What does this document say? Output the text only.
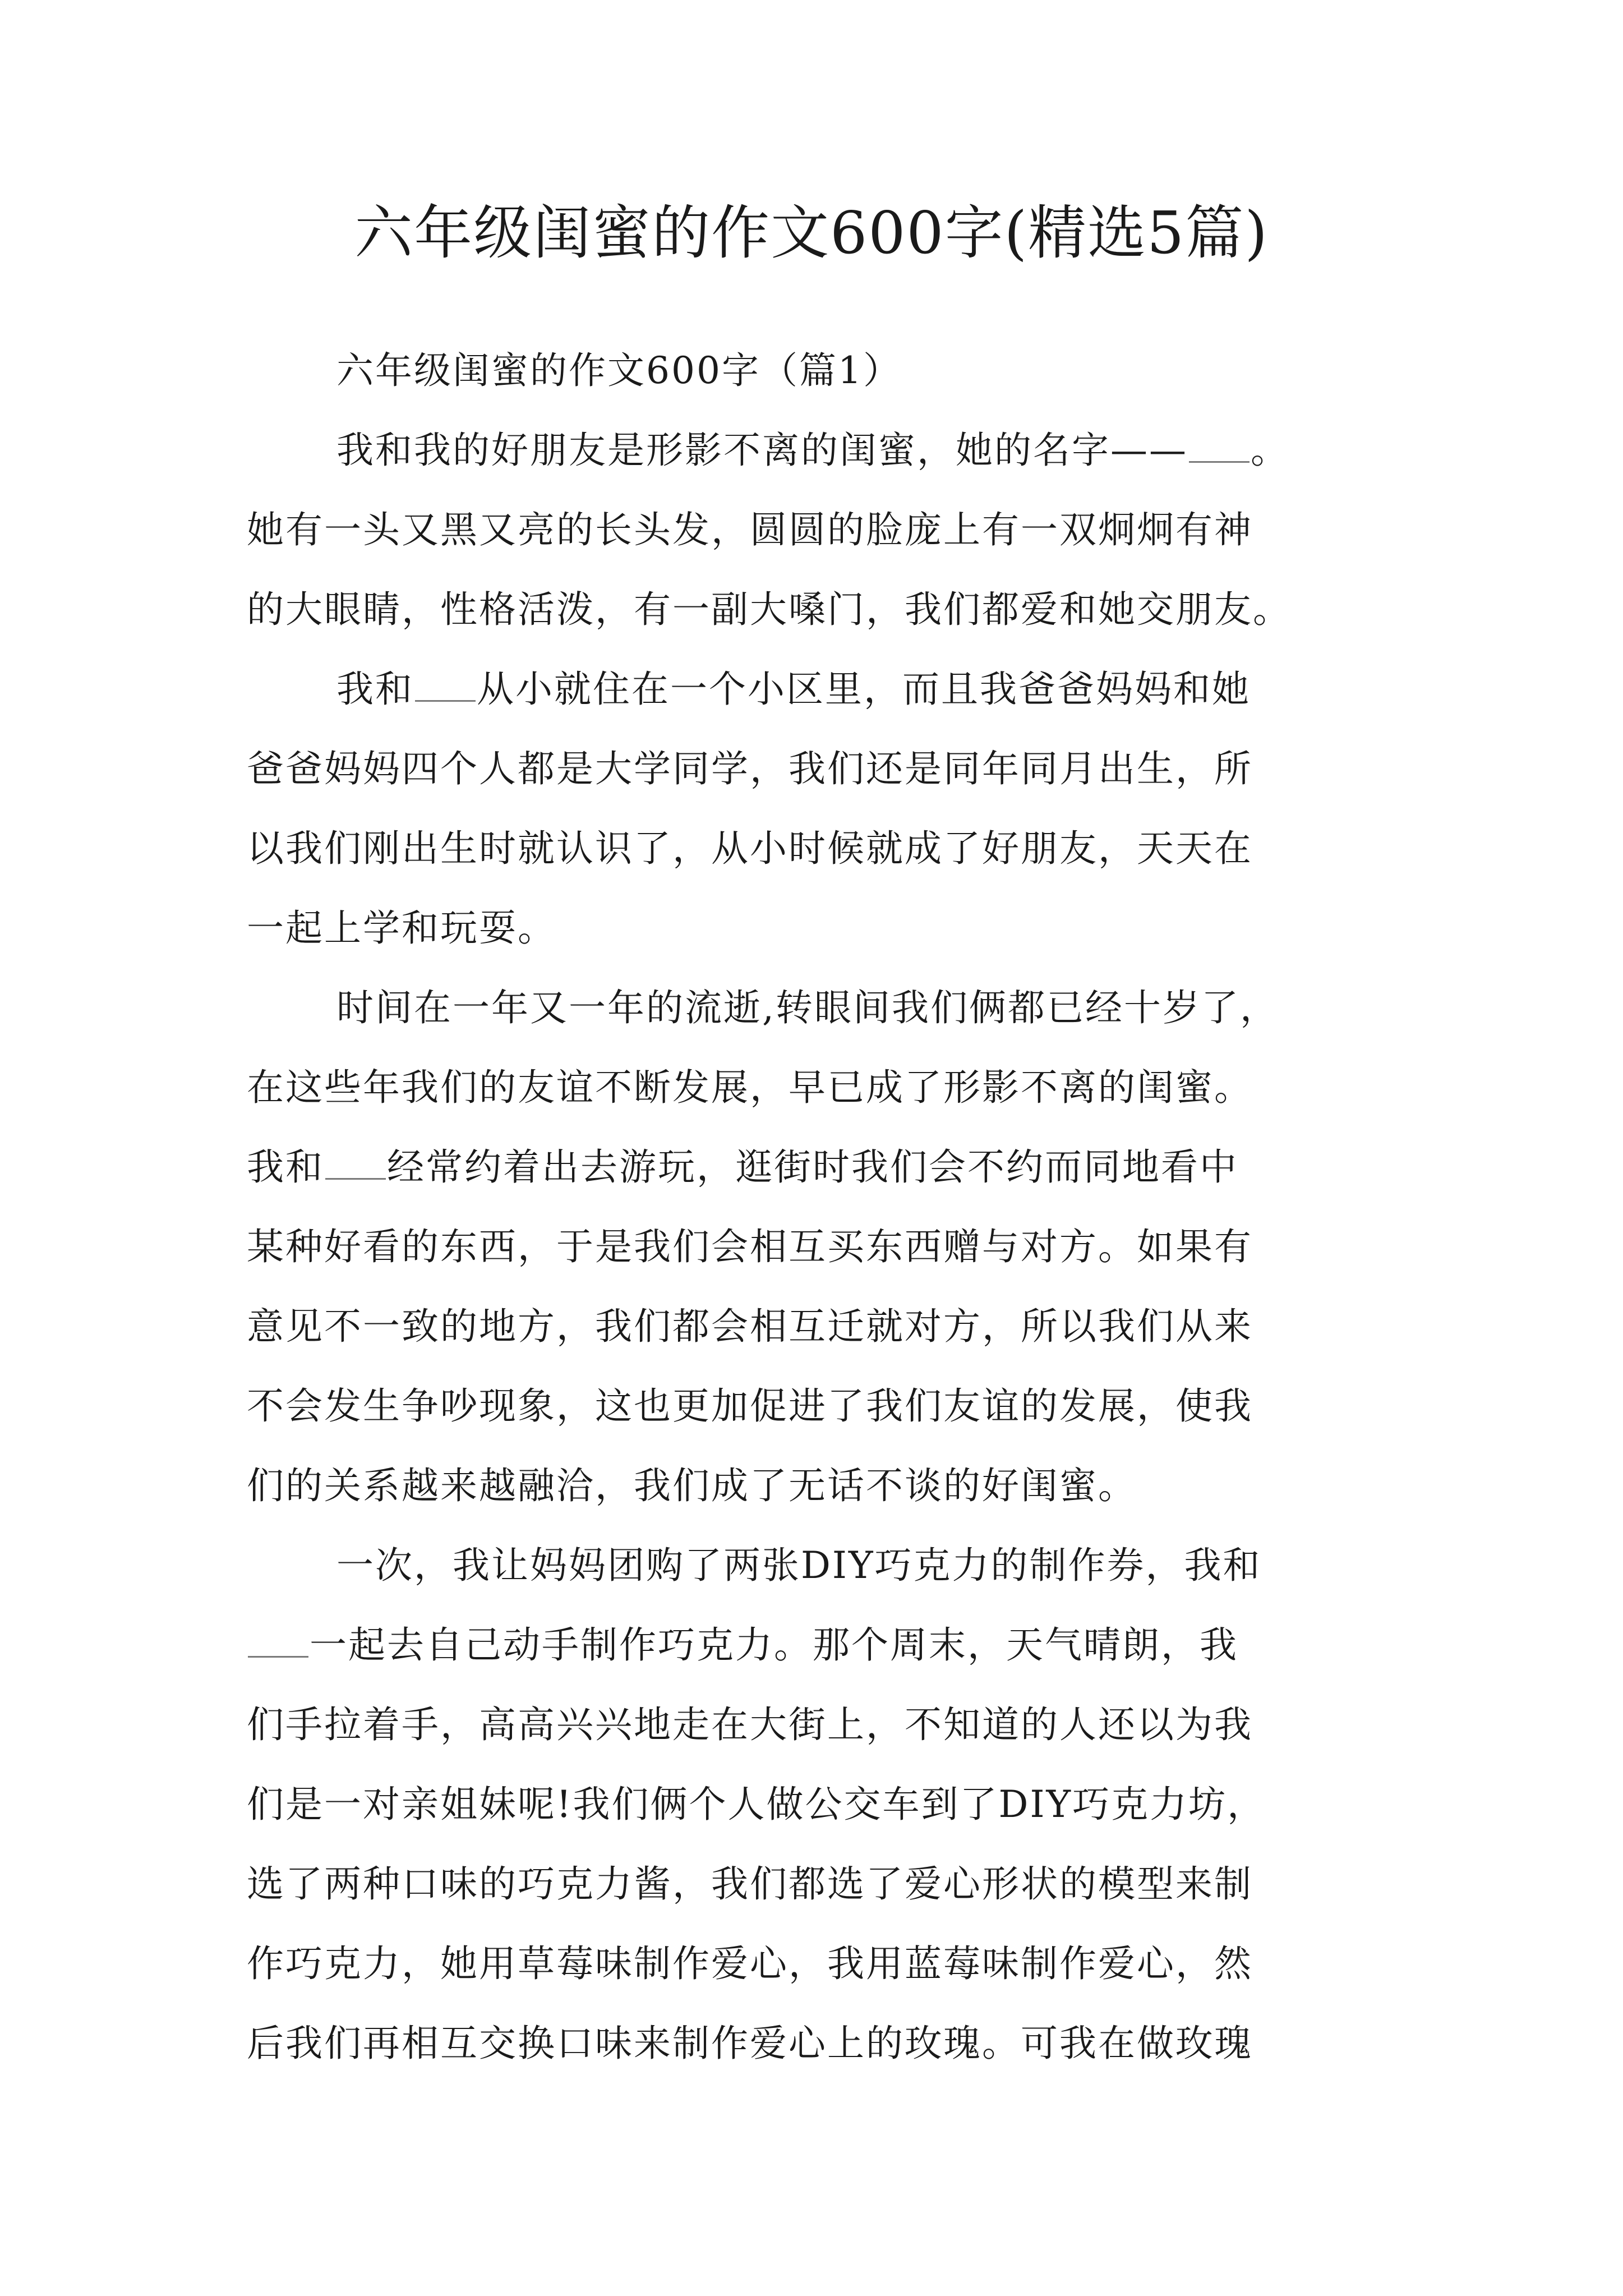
六年级闺蜜的作文600字(精选5篇)
六年级闺蜜的作文600字（篇1）
我和我的好朋友是形影不离的闺蜜，她的名字—— 。
她有一头又黑又亮的长头发，圆圆的脸庞上有一双炯炯有神
的大眼睛，性格活泼，有一副大嗓门，我们都爱和她交朋友。
我和 从小就住在一个小区里，而且我爸爸妈妈和她
爸爸妈妈四个人都是大学同学，我们还是同年同月出生，所
以我们刚出生时就认识了，从小时候就成了好朋友，天天在
一起上学和玩耍。
时间在一年又一年的流逝,转眼间我们俩都已经十岁了，
在这些年我们的友谊不断发展，早已成了形影不离的闺蜜。
我和 经常约着出去游玩，逛街时我们会不约而同地看中
某种好看的东西，于是我们会相互买东西赠与对方。如果有
意见不一致的地方，我们都会相互迁就对方，所以我们从来
不会发生争吵现象，这也更加促进了我们友谊的发展，使我
们的关系越来越融洽，我们成了无话不谈的好闺蜜。
一次，我让妈妈团购了两张DIY巧克力的制作券，我和
一起去自己动手制作巧克力。那个周末，天气晴朗，我
们手拉着手，高高兴兴地走在大街上，不知道的人还以为我
们是一对亲姐妹呢!我们俩个人做公交车到了DIY巧克力坊，
选了两种口味的巧克力酱，我们都选了爱心形状的模型来制
作巧克力，她用草莓味制作爱心，我用蓝莓味制作爱心，然
后我们再相互交换口味来制作爱心上的玫瑰。可我在做玫瑰
